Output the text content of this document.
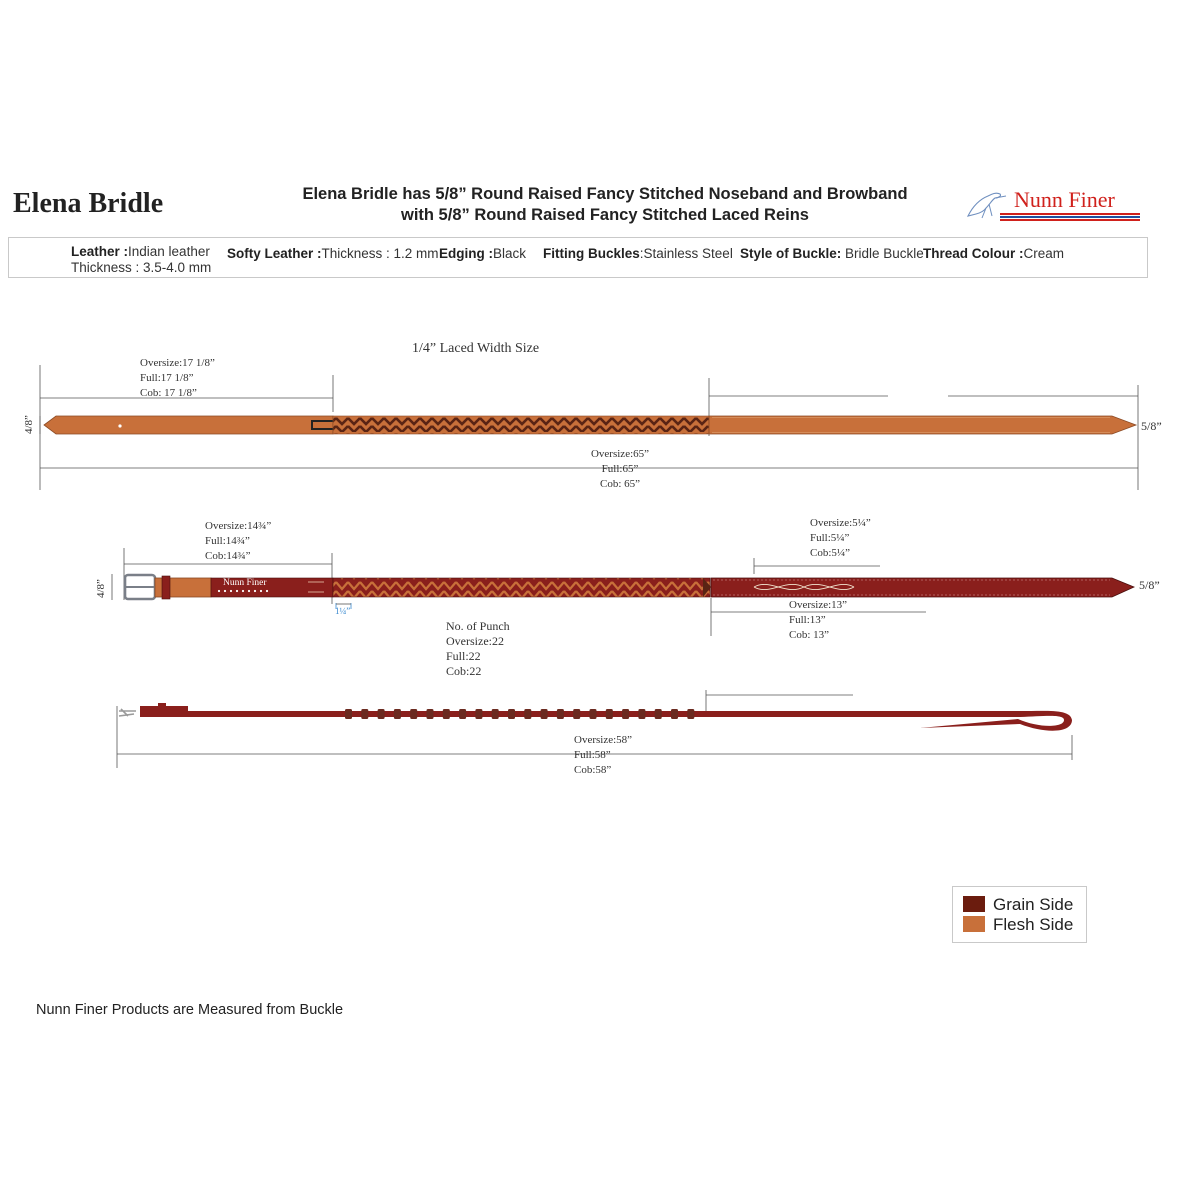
Elena Bridle	Elena Bridle has 5/8” Round Raised Fancy Stitched Noseband and Browband
with 5/8” Round Raised Fancy Stitched Laced Reins
Nunn Finer
Leather :Indian leather
Thickness : 3.5-4.0 mm
Softy Leather :Thickness : 1.2 mm Edging :Black Fitting Buckles:Stainless Steel Style of Buckle: Bridle Buckle Thread Colour :Cream
1/4” Laced Width Size
Oversize:17 1/8”
Full:17 1/8”
Cob: 17 1/8”
4/8”	5/8”
Oversize:65”
Full:65”
Cob: 65”
Oversize:14¾”
Full:14¾”
Cob:14¾”
Oversize:5¼”
Full:5¼”
Cob:5¼”
4/8”	5/8”
Nunn Finer
1¼”	Oversize:13”
Full:13”
Cob: 13”
No. of Punch
Oversize:22
Full:22
Cob:22
Oversize:58”
Full:58”
Cob:58”
Grain Side
Flesh Side
Nunn Finer Products are Measured from Buckle
